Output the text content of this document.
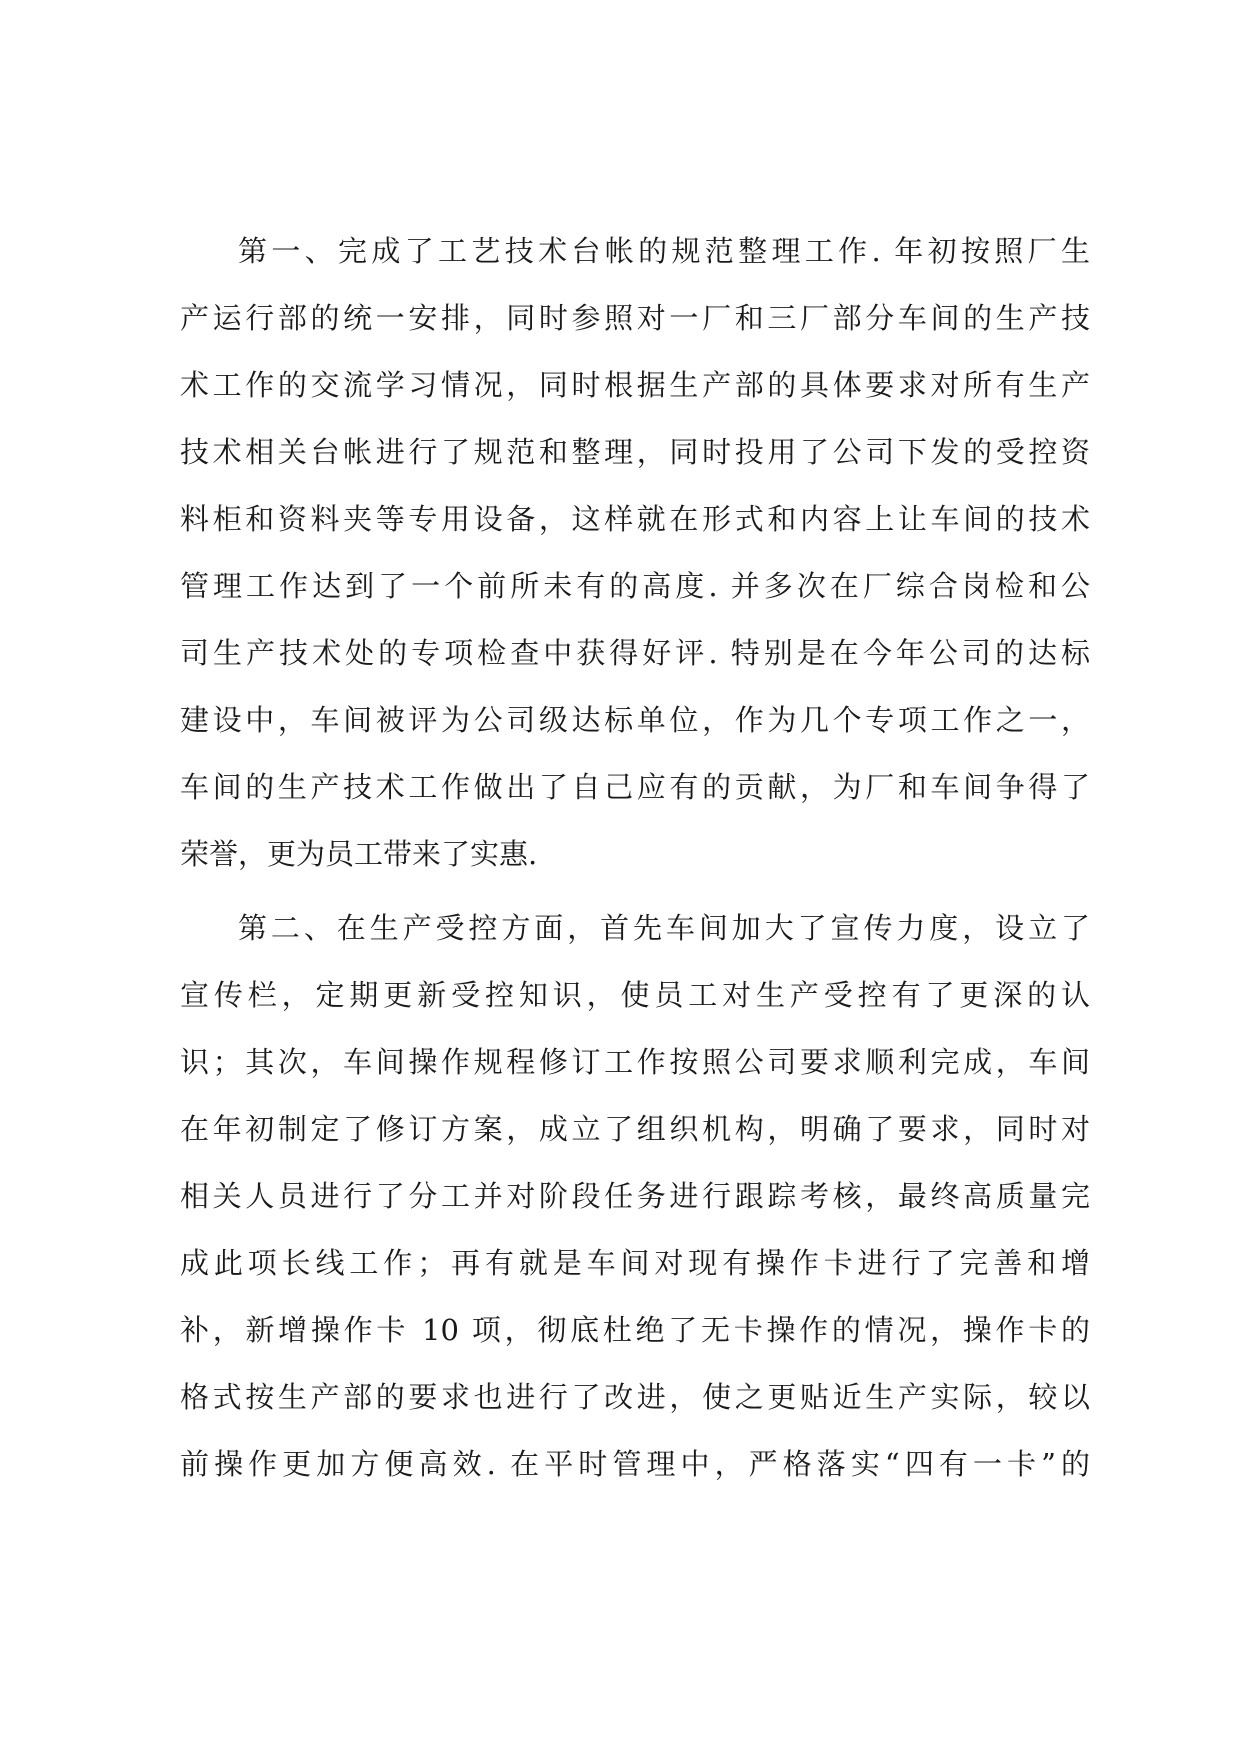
第一、完成了工艺技术台帐的规范整理工作. 年初按照厂生
产运行部的统一安排，同时参照对一厂和三厂部分车间的生产技
术工作的交流学习情况，同时根据生产部的具体要求对所有生产
技术相关台帐进行了规范和整理，同时投用了公司下发的受控资
料柜和资料夹等专用设备，这样就在形式和内容上让车间的技术
管理工作达到了一个前所未有的高度. 并多次在厂综合岗检和公
司生产技术处的专项检查中获得好评. 特别是在今年公司的达标
建设中，车间被评为公司级达标单位，作为几个专项工作之一，
车间的生产技术工作做出了自己应有的贡献，为厂和车间争得了
荣誉，更为员工带来了实惠.
第二、在生产受控方面，首先车间加大了宣传力度，设立了
宣传栏，定期更新受控知识，使员工对生产受控有了更深的认
识；其次，车间操作规程修订工作按照公司要求顺利完成，车间
在年初制定了修订方案，成立了组织机构，明确了要求，同时对
相关人员进行了分工并对阶段任务进行跟踪考核，最终高质量完
成此项长线工作；再有就是车间对现有操作卡进行了完善和增
补，新增操作卡 10 项，彻底杜绝了无卡操作的情况，操作卡的
格式按生产部的要求也进行了改进，使之更贴近生产实际，较以
前操作更加方便高效. 在平时管理中，严格落实“四有一卡”的
